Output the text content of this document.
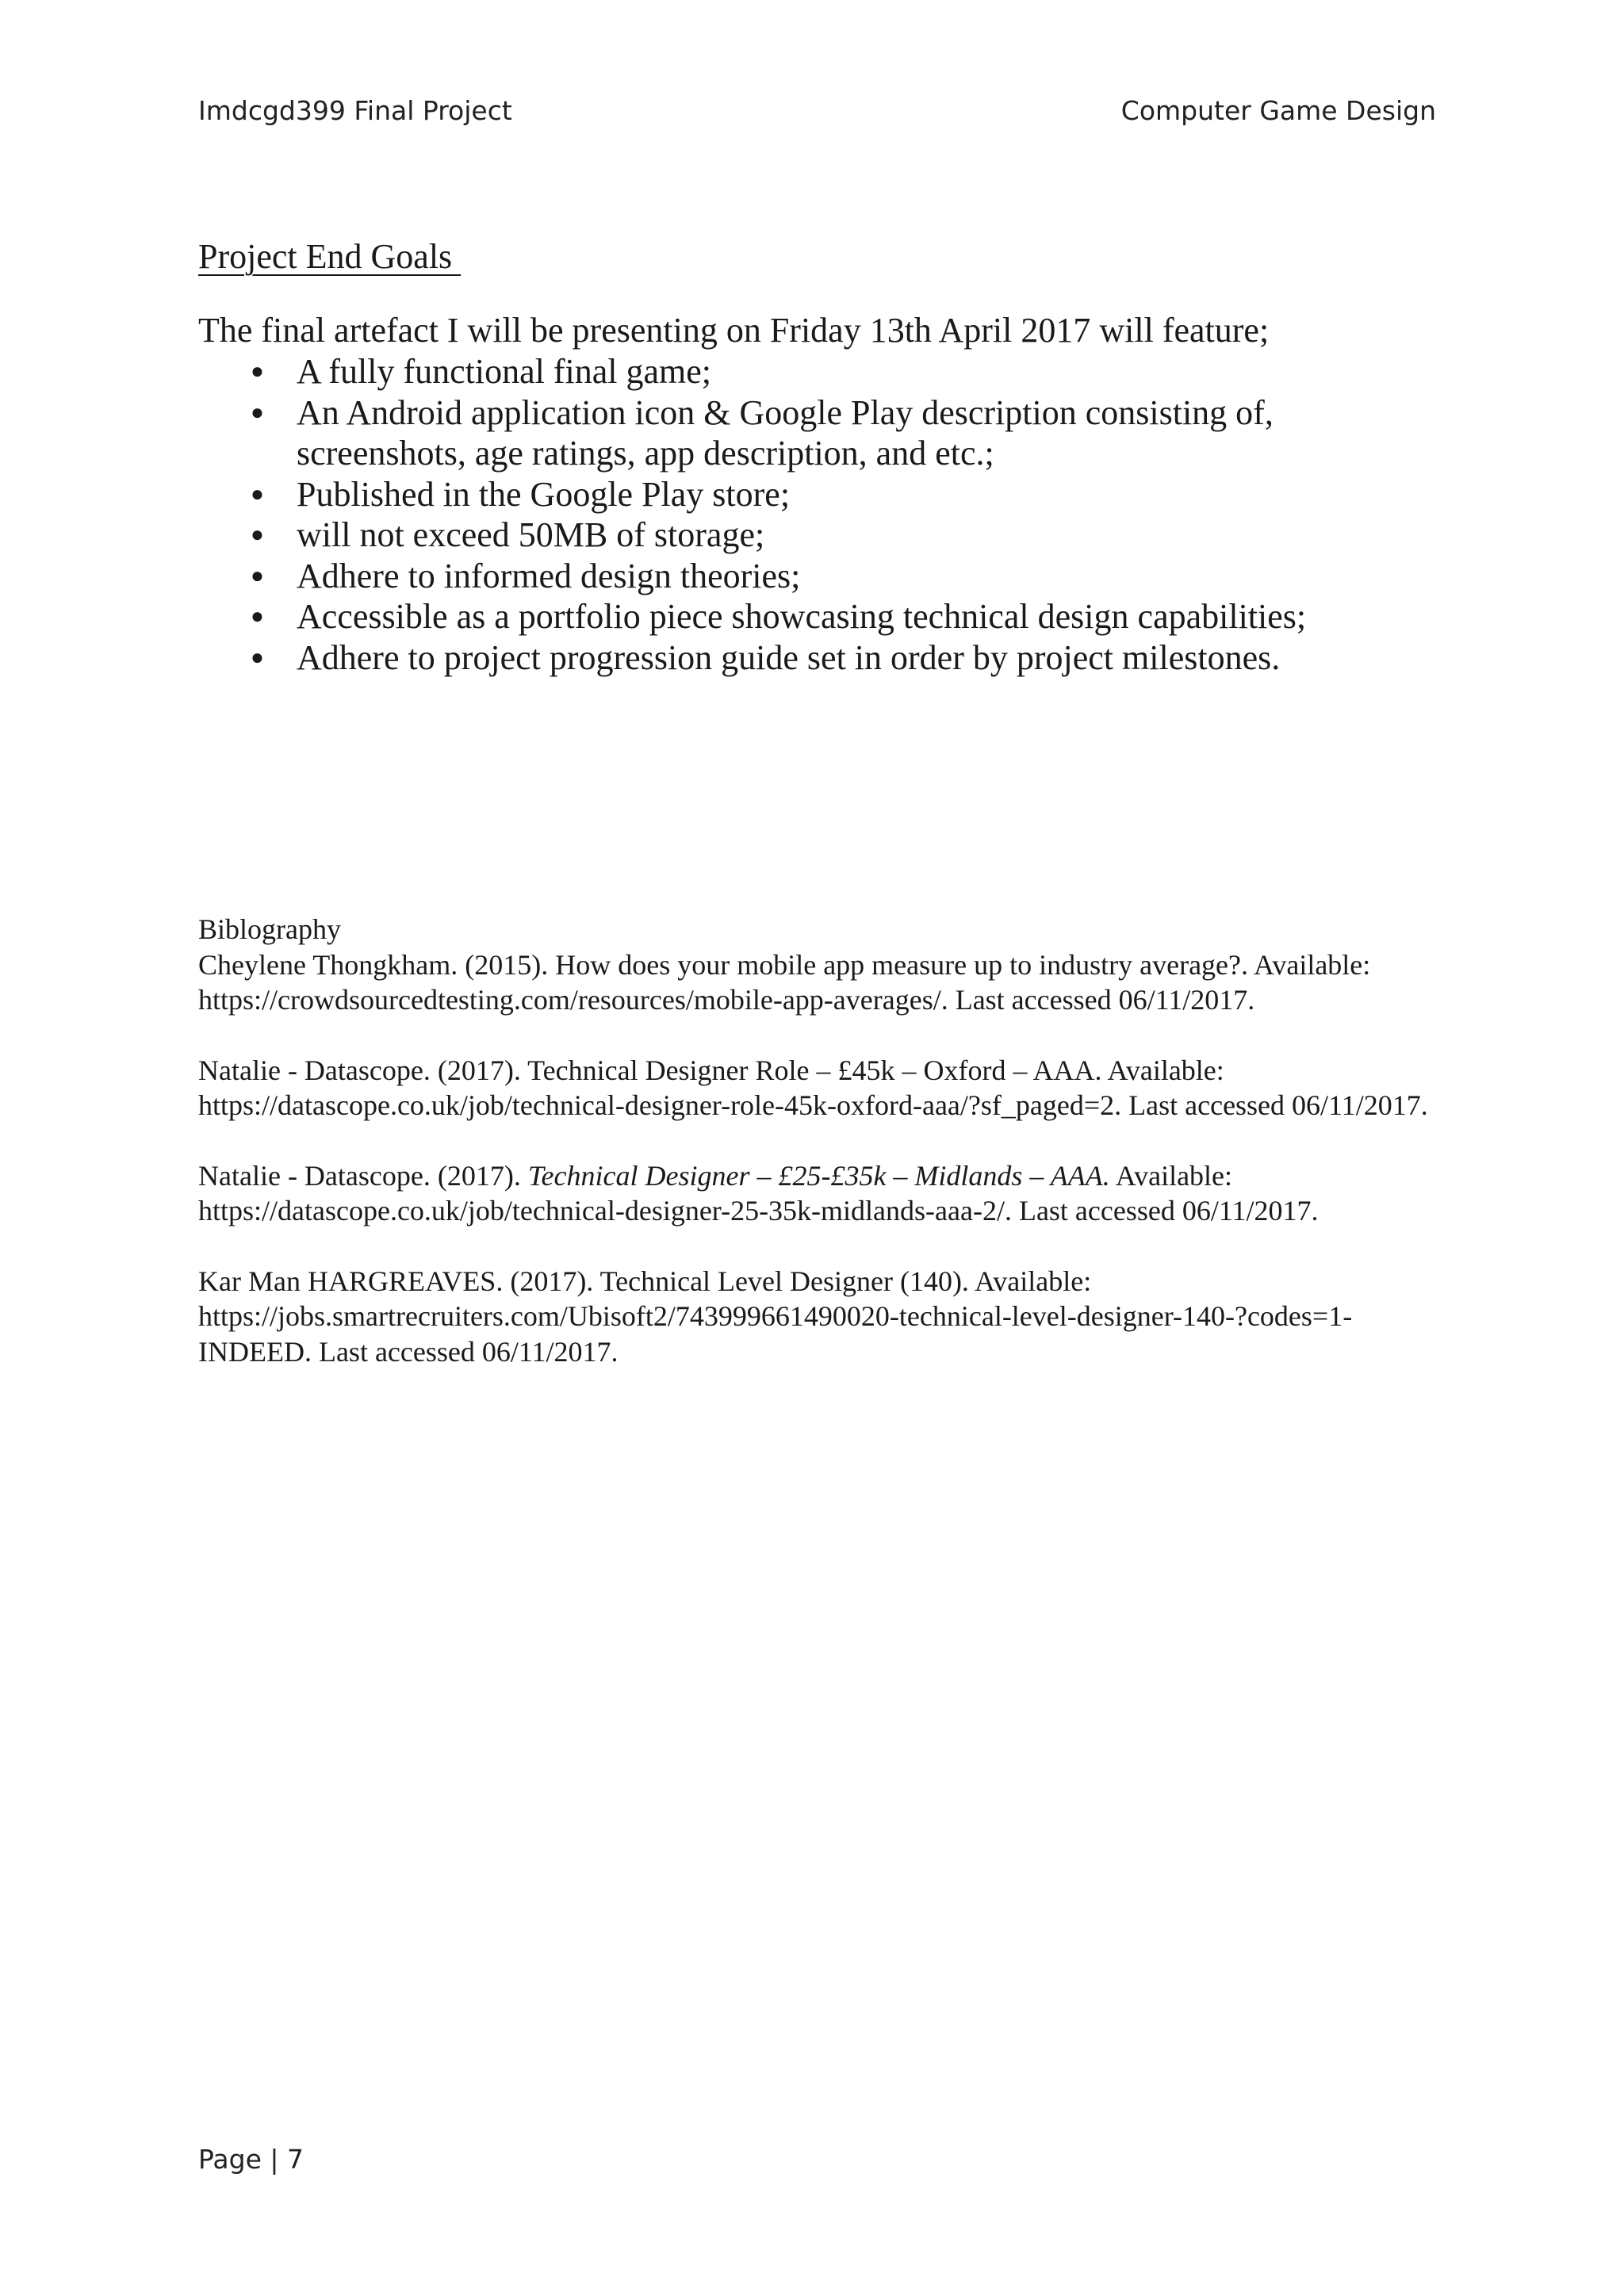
Imdcgd399 Final Project	Computer Game Design
Project End Goals

The final artefact I will be presenting on Friday 13th April 2017 will feature;

● A fully functional final game;
● An Android application icon & Google Play description consisting of, screenshots, age ratings, app description, and etc.;
● Published in the Google Play store;
● will not exceed 50MB of storage;
● Adhere to informed design theories;
● Accessible as a portfolio piece showcasing technical design capabilities;
● Adhere to project progression guide set in order by project milestones.
Biblography

Cheylene Thongkham. (2015). How does your mobile app measure up to industry average?. Available: https://crowdsourcedtesting.com/resources/mobile-app-averages/. Last accessed 06/11/2017.

Natalie - Datascope. (2017). Technical Designer Role – £45k – Oxford – AAA. Available: https://datascope.co.uk/job/technical-designer-role-45k-oxford-aaa/?sf_paged=2. Last accessed 06/11/2017.

Natalie - Datascope. (2017). Technical Designer – £25-£35k – Midlands – AAA. Available: https://datascope.co.uk/job/technical-designer-25-35k-midlands-aaa-2/. Last accessed 06/11/2017.

Kar Man HARGREAVES. (2017). Technical Level Designer (140). Available: https://jobs.smartrecruiters.com/Ubisoft2/743999661490020-technical-level-designer-140-?codes=1-INDEED. Last accessed 06/11/2017.

Page | 7
